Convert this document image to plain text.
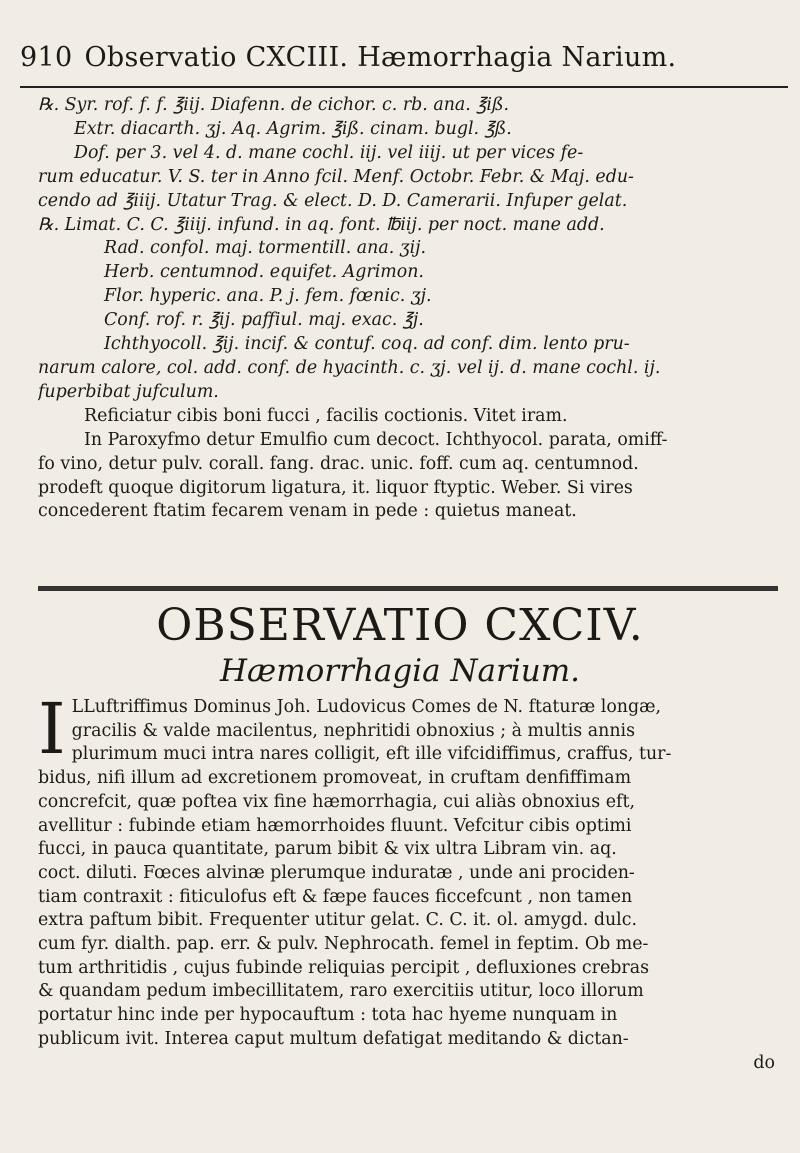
910 Observatio CXCIII. Hæmorrhagia Narium.
℞. Syr. rof. f. f. ℥iij. Diafenn. de cichor. c. rb. ana. ℥iß.
Extr. diacarth. ʒj. Aq. Agrim. ℥iß. cinam. bugl. ℥ß.
Dof. per 3. vel 4. d. mane cochl. iij. vel iiij. ut per vices fe-
rum educatur. V. S. ter in Anno fcil. Menf. Octobr. Febr. & Maj. edu-
cendo ad ℥iiij. Utatur Trag. & elect. D. D. Camerarii. Infuper gelat.
℞. Limat. C. C. ℥iiij. infund. in aq. font. ℔iij. per noct. mane add.
Rad. confol. maj. tormentill. ana. ʒij.
Herb. centumnod. equifet. Agrimon.
Flor. hyperic. ana. P. j. fem. fœnic. ʒj.
Conf. rof. r. ℥ij. paffiul. maj. exac. ℥j.
Ichthyocoll. ℥ij. incif. & contuf. coq. ad conf. dim. lento pru-
narum calore, col. add. conf. de hyacinth. c. ʒj. vel ij. d. mane cochl. ij.
fuperbibat jufculum.
Reficiatur cibis boni fucci , facilis coctionis. Vitet iram.
In Paroxyfmo detur Emulfio cum decoct. Ichthyocol. parata, omiff-
fo vino, detur pulv. corall. fang. drac. unic. foff. cum aq. centumnod.
prodeft quoque digitorum ligatura, it. liquor ftyptic. Weber. Si vires
concederent ftatim fecarem venam in pede : quietus maneat.
OBSERVATIO CXCIV.
Hæmorrhagia Narium.
I LLuftriffimus Dominus Joh. Ludovicus Comes de N. ftaturæ longæ,
gracilis & valde macilentus, nephritidi obnoxius ; à multis annis
plurimum muci intra nares colligit, eft ille vifcidiffimus, craffus, tur-
bidus, nifi illum ad excretionem promoveat, in cruftam denfiffimam
concrefcit, quæ poftea vix fine hæmorrhagia, cui aliàs obnoxius eft,
avellitur : fubinde etiam hæmorrhoides fluunt. Vefcitur cibis optimi
fucci, in pauca quantitate, parum bibit & vix ultra Libram vin. aq.
coct. diluti. Fœces alvinæ plerumque induratæ , unde ani prociden-
tiam contraxit : fiticulofus eft & fæpe fauces ficcefcunt , non tamen
extra paftum bibit. Frequenter utitur gelat. C. C. it. ol. amygd. dulc.
cum fyr. dialth. pap. err. & pulv. Nephrocath. femel in feptim. Ob me-
tum arthritidis , cujus fubinde reliquias percipit , defluxiones crebras
& quandam pedum imbecillitatem, raro exercitiis utitur, loco illorum
portatur hinc inde per hypocauftum : tota hac hyeme nunquam in
publicum ivit. Interea caput multum defatigat meditando & dictan-
do
